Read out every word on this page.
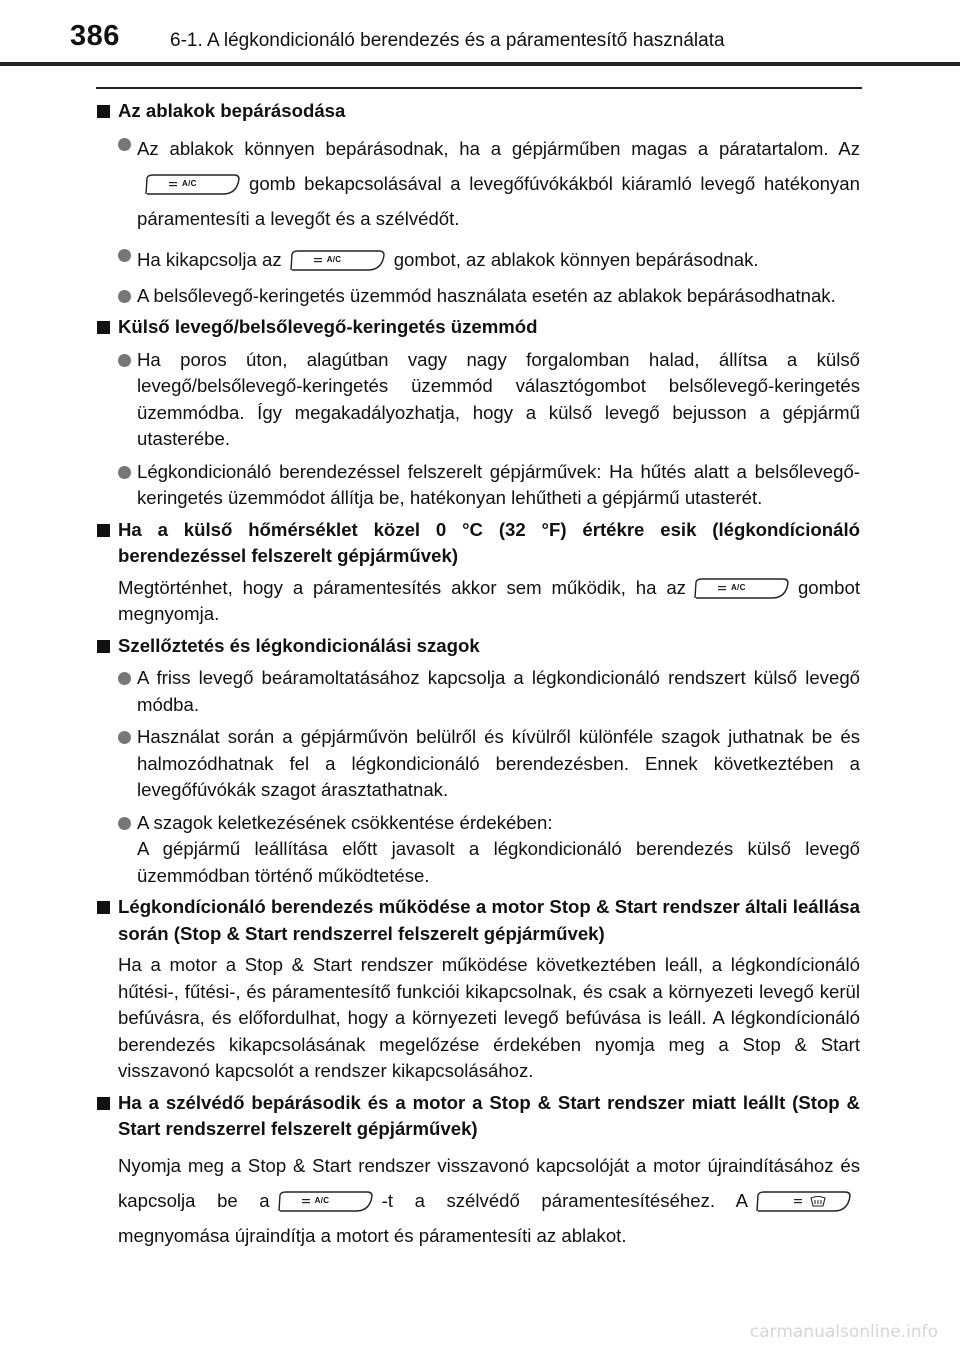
386	6-1. A légkondicionáló berendezés és a páramentesítő használata
Az ablakok bepárásodása
Az ablakok könnyen bepárásodnak, ha a gépjárműben magas a páratartalom. Az
A/C	gomb bekapcsolásával a levegőfúvókákból kiáramló levegő hatékonyan páramentesíti a levegőt és a szélvédőt.
Ha kikapcsolja az	A/C	gombot, az ablakok könnyen bepárásodnak.
A belsőlevegő-keringetés üzemmód használata esetén az ablakok bepárásodhatnak.
Külső levegő/belsőlevegő-keringetés üzemmód
Ha poros úton, alagútban vagy nagy forgalomban halad, állítsa a külső levegő/belsőlevegő-keringetés üzemmód választógombot belsőlevegő-keringetés üzemmódba. Így megakadályozhatja, hogy a külső levegő bejusson a gépjármű utasterébe.
Légkondicionáló berendezéssel felszerelt gépjárművek: Ha hűtés alatt a belsőlevegő-keringetés üzemmódot állítja be, hatékonyan lehűtheti a gépjármű utasterét.
Ha a külső hőmérséklet közel 0 °C (32 °F) értékre esik (légkondícionáló berendezéssel felszerelt gépjárművek)
Megtörténhet, hogy a páramentesítés akkor sem működik, ha az	A/C	gombot megnyomja.
Szellőztetés és légkondicionálási szagok
A friss levegő beáramoltatásához kapcsolja a légkondicionáló rendszert külső levegő módba.
Használat során a gépjárművön belülről és kívülről különféle szagok juthatnak be és halmozódhatnak fel a légkondicionáló berendezésben. Ennek következtében a levegőfúvókák szagot árasztathatnak.
A szagok keletkezésének csökkentése érdekében:
A gépjármű leállítása előtt javasolt a légkondicionáló berendezés külső levegő üzemmódban történő működtetése.
Légkondícionáló berendezés működése a motor Stop & Start rendszer általi leállása során (Stop & Start rendszerrel felszerelt gépjárművek)
Ha a motor a Stop & Start rendszer működése következtében leáll, a légkondícionáló hűtési-, fűtési-, és páramentesítő funkciói kikapcsolnak, és csak a környezeti levegő kerül befúvásra, és előfordulhat, hogy a környezeti levegő befúvása is leáll. A légkondícionáló berendezés kikapcsolásának megelőzése érdekében nyomja meg a Stop & Start visszavonó kapcsolót a rendszer kikapcsolásához.
Ha a szélvédő bepárásodik és a motor a Stop & Start rendszer miatt leállt (Stop & Start rendszerrel felszerelt gépjárművek)
Nyomja meg a Stop & Start rendszer visszavonó kapcsolóját a motor újraindításához és kapcsolja be a	A/C	-t a szélvédő páramentesítéséhez. A
megnyomása újraindítja a motort és páramentesíti az ablakot.
carmanualsonline.info
